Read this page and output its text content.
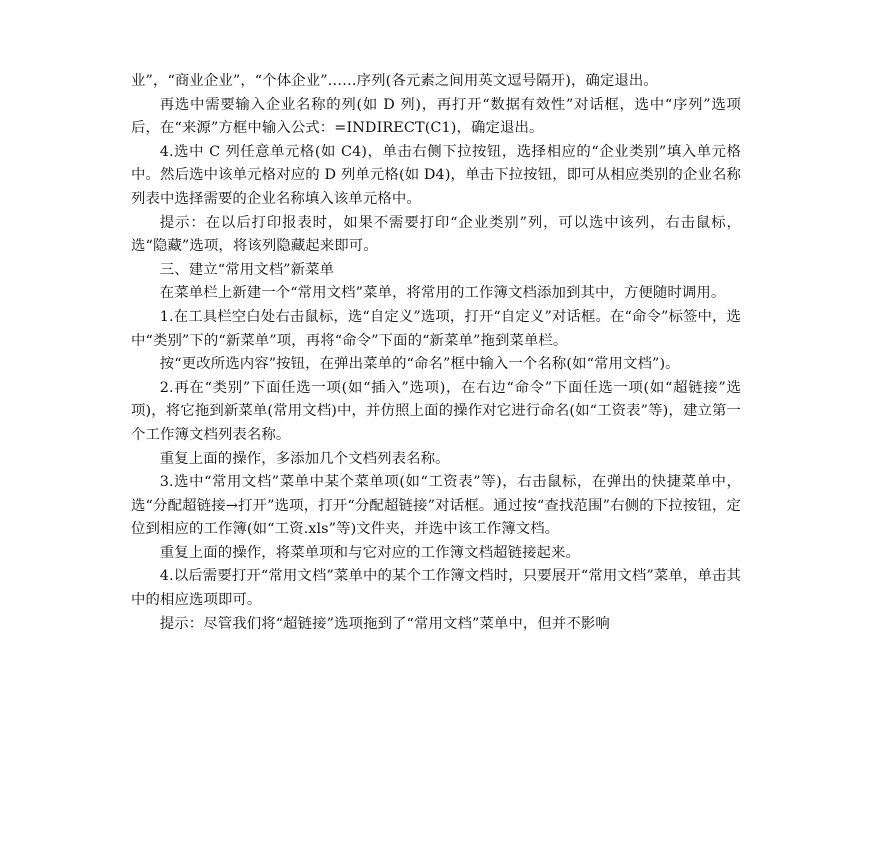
业”，“商业企业”，“个体企业”……序列(各元素之间用英文逗号隔开)，确定退出。

再选中需要输入企业名称的列(如 D 列)，再打开“数据有效性”对话框，选中“序列”选项后，在“来源”方框中输入公式：=INDIRECT(C1)，确定退出。

4.选中 C 列任意单元格(如 C4)，单击右侧下拉按钮，选择相应的“企业类别”填入单元格中。然后选中该单元格对应的 D 列单元格(如 D4)，单击下拉按钮，即可从相应类别的企业名称列表中选择需要的企业名称填入该单元格中。

提示：在以后打印报表时，如果不需要打印“企业类别”列，可以选中该列，右击鼠标，选“隐藏”选项，将该列隐藏起来即可。

三、建立“常用文档”新菜单

在菜单栏上新建一个“常用文档”菜单，将常用的工作簿文档添加到其中，方便随时调用。

1.在工具栏空白处右击鼠标，选“自定义”选项，打开“自定义”对话框。在“命令”标签中，选中“类别”下的“新菜单”项，再将“命令”下面的“新菜单”拖到菜单栏。

按“更改所选内容”按钮，在弹出菜单的“命名”框中输入一个名称(如“常用文档”)。

2.再在“类别”下面任选一项(如“插入”选项)，在右边“命令”下面任选一项(如“超链接”选项)，将它拖到新菜单(常用文档)中，并仿照上面的操作对它进行命名(如“工资表”等)，建立第一个工作簿文档列表名称。

重复上面的操作，多添加几个文档列表名称。

3.选中“常用文档”菜单中某个菜单项(如“工资表”等)，右击鼠标，在弹出的快捷菜单中，选“分配超链接→打开”选项，打开“分配超链接”对话框。通过按“查找范围”右侧的下拉按钮，定位到相应的工作簿(如“工资.xls”等)文件夹，并选中该工作簿文档。

重复上面的操作，将菜单项和与它对应的工作簿文档超链接起来。

4.以后需要打开“常用文档”菜单中的某个工作簿文档时，只要展开“常用文档”菜单，单击其中的相应选项即可。

提示：尽管我们将“超链接”选项拖到了“常用文档”菜单中，但并不影响
